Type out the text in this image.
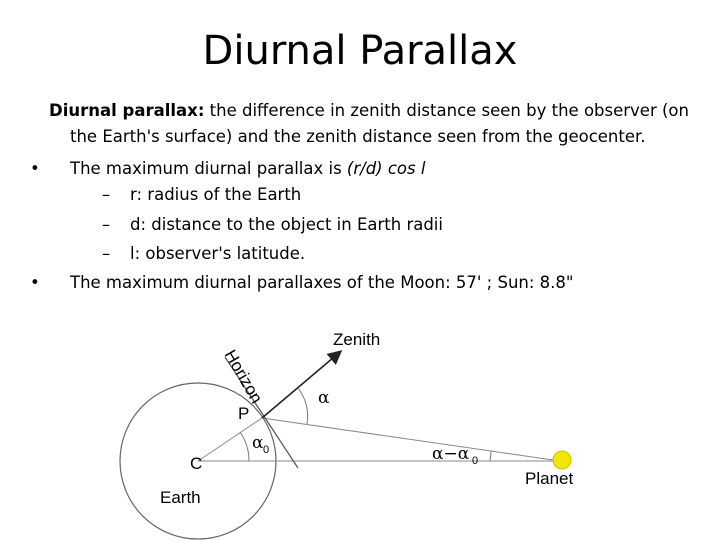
Diurnal Parallax
Diurnal parallax: the difference in zenith distance seen by the observer (on
the Earth's surface) and the zenith distance seen from the geocenter.
• The maximum diurnal parallax is (r/d) cos l
– r: radius of the Earth
– d: distance to the object in Earth radii
– l: observer's latitude.
• The maximum diurnal parallaxes of the Moon: 57' ; Sun: 8.8"
Zenith
Horizon	α
P
α 0
C	α−α 0
Earth
Planet
